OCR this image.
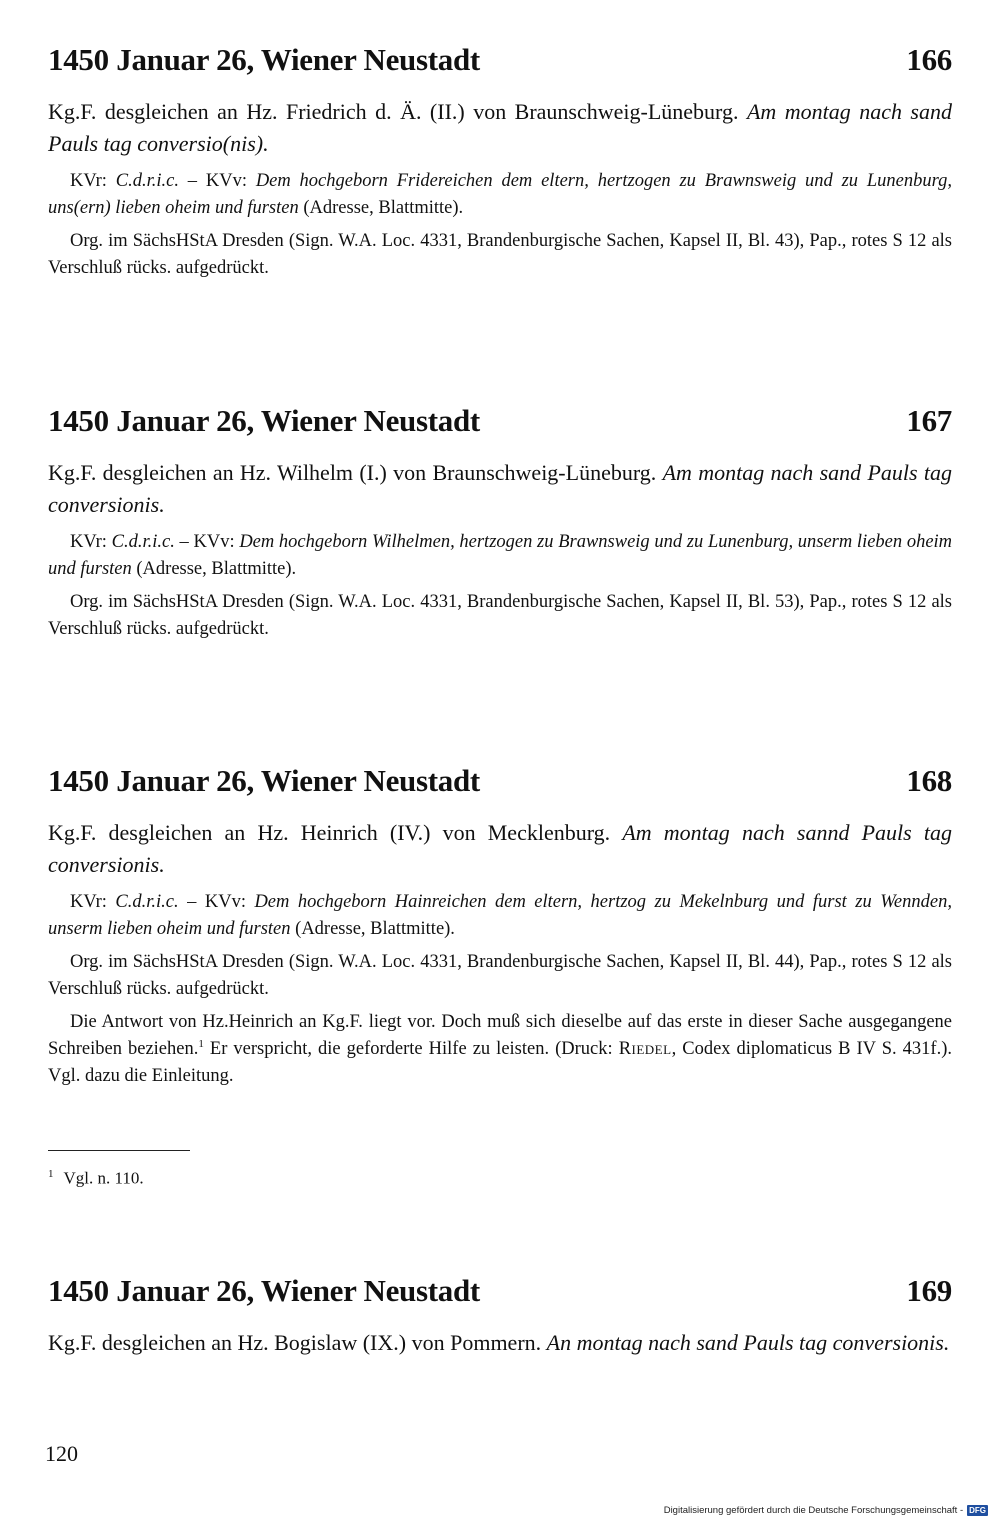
1450 Januar 26, Wiener Neustadt	166
Kg.F. desgleichen an Hz. Friedrich d. Ä. (II.) von Braunschweig-Lüneburg. Am montag nach sand Pauls tag conversio(nis).
KVr: C.d.r.i.c. – KVv: Dem hochgeborn Fridereichen dem eltern, hertzogen zu Brawnsweig und zu Lunenburg, uns(ern) lieben oheim und fursten (Adresse, Blattmitte).
Org. im SächsHStA Dresden (Sign. W.A. Loc. 4331, Brandenburgische Sachen, Kapsel II, Bl. 43), Pap., rotes S 12 als Verschluß rücks. aufgedrückt.
1450 Januar 26, Wiener Neustadt	167
Kg.F. desgleichen an Hz. Wilhelm (I.) von Braunschweig-Lüneburg. Am montag nach sand Pauls tag conversionis.
KVr: C.d.r.i.c. – KVv: Dem hochgeborn Wilhelmen, hertzogen zu Brawnsweig und zu Lunenburg, unserm lieben oheim und fursten (Adresse, Blattmitte).
Org. im SächsHStA Dresden (Sign. W.A. Loc. 4331, Brandenburgische Sachen, Kapsel II, Bl. 53), Pap., rotes S 12 als Verschluß rücks. aufgedrückt.
1450 Januar 26, Wiener Neustadt	168
Kg.F. desgleichen an Hz. Heinrich (IV.) von Mecklenburg. Am montag nach sannd Pauls tag conversionis.
KVr: C.d.r.i.c. – KVv: Dem hochgeborn Hainreichen dem eltern, hertzog zu Mekelnburg und furst zu Wennden, unserm lieben oheim und fursten (Adresse, Blattmitte).
Org. im SächsHStA Dresden (Sign. W.A. Loc. 4331, Brandenburgische Sachen, Kapsel II, Bl. 44), Pap., rotes S 12 als Verschluß rücks. aufgedrückt.
Die Antwort von Hz.Heinrich an Kg.F. liegt vor. Doch muß sich dieselbe auf das erste in dieser Sache ausgegangene Schreiben beziehen.$^1$ Er verspricht, die geforderte Hilfe zu leisten. (Druck: Riedel, Codex diplomaticus B IV S. 431f.). Vgl. dazu die Einleitung.
$^1$ Vgl. n. 110.
1450 Januar 26, Wiener Neustadt	169
Kg.F. desgleichen an Hz. Bogislaw (IX.) von Pommern. An montag nach sand Pauls tag conversionis.
120
Digitalisierung gefördert durch die Deutsche Forschungsgemeinschaft - DFG
